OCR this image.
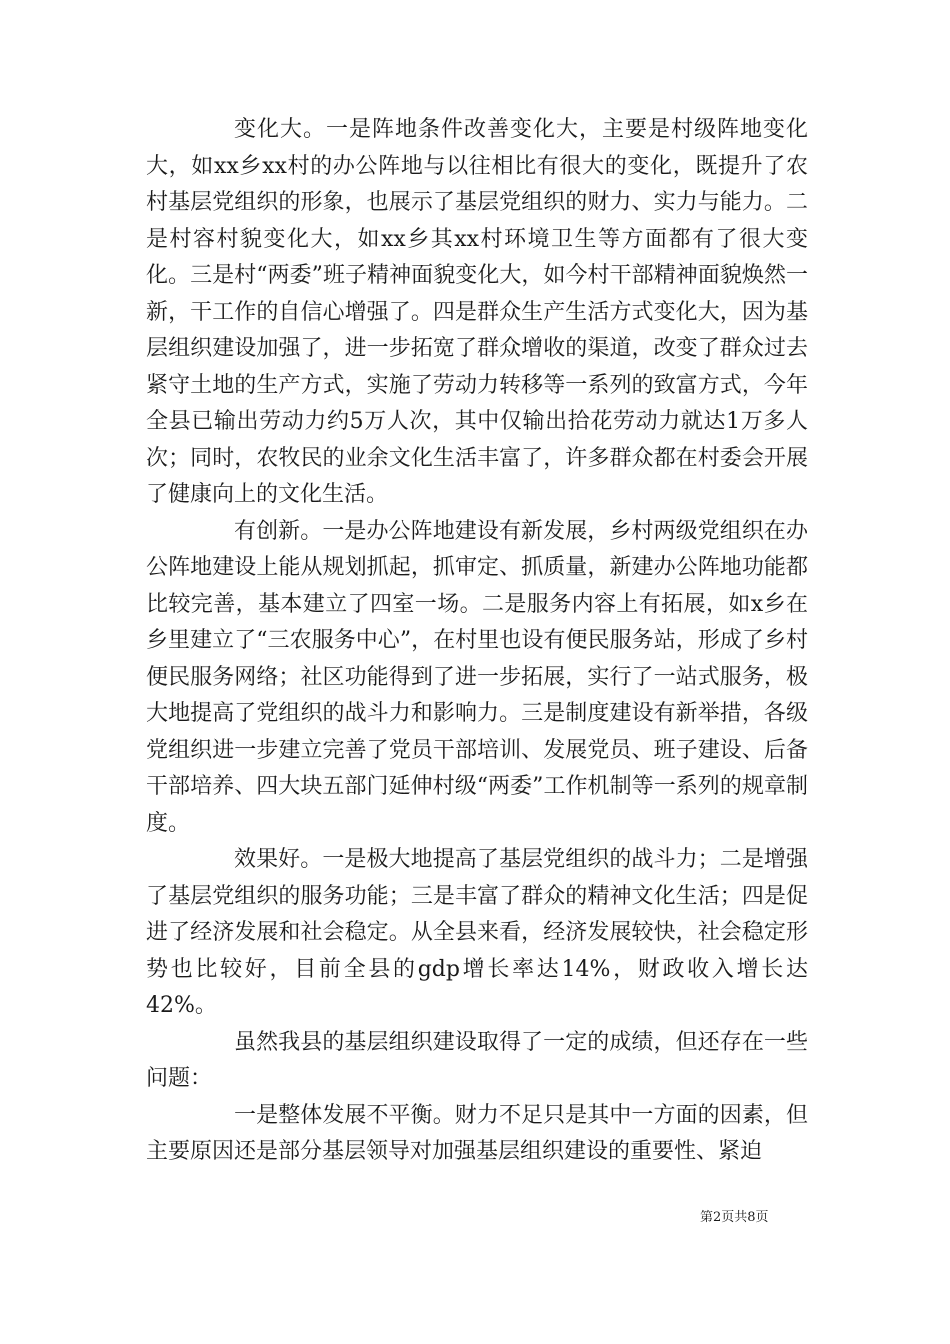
变化大。一是阵地条件改善变化大，主要是村级阵地变化大，如xx乡xx村的办公阵地与以往相比有很大的变化，既提升了农村基层党组织的形象，也展示了基层党组织的财力、实力与能力。二是村容村貌变化大，如xx乡其xx村环境卫生等方面都有了很大变化。三是村“两委”班子精神面貌变化大，如今村干部精神面貌焕然一新，干工作的自信心增强了。四是群众生产生活方式变化大，因为基层组织建设加强了，进一步拓宽了群众增收的渠道，改变了群众过去紧守土地的生产方式，实施了劳动力转移等一系列的致富方式，今年全县已输出劳动力约5万人次，其中仅输出拾花劳动力就达1万多人次；同时，农牧民的业余文化生活丰富了，许多群众都在村委会开展了健康向上的文化生活。

有创新。一是办公阵地建设有新发展，乡村两级党组织在办公阵地建设上能从规划抓起，抓审定、抓质量，新建办公阵地功能都比较完善，基本建立了四室一场。二是服务内容上有拓展，如x乡在乡里建立了“三农服务中心”，在村里也设有便民服务站，形成了乡村便民服务网络；社区功能得到了进一步拓展，实行了一站式服务，极大地提高了党组织的战斗力和影响力。三是制度建设有新举措，各级党组织进一步建立完善了党员干部培训、发展党员、班子建设、后备干部培养、四大块五部门延伸村级“两委”工作机制等一系列的规章制度。

效果好。一是极大地提高了基层党组织的战斗力；二是增强了基层党组织的服务功能；三是丰富了群众的精神文化生活；四是促进了经济发展和社会稳定。从全县来看，经济发展较快，社会稳定形势也比较好，目前全县的gdp增长率达14%，财政收入增长达42%。

虽然我县的基层组织建设取得了一定的成绩，但还存在一些问题：

一是整体发展不平衡。财力不足只是其中一方面的因素，但主要原因还是部分基层领导对加强基层组织建设的重要性、紧迫

第2页共8页
